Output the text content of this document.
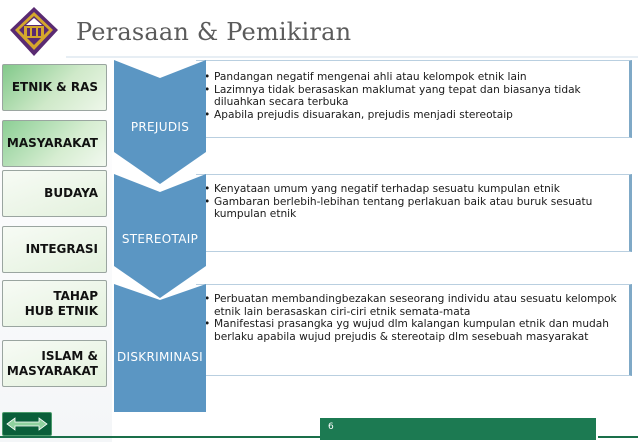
Perasaan & Pemikiran
ETNIK & RAS
MASYARAKAT
BUDAYA
INTEGRASI
TAHAP
HUB ETNIK
ISLAM &
MASYARAKAT
• Pandangan negatif mengenai ahli atau kelompok etnik lain
• Lazimnya tidak berasaskan maklumat yang tepat dan biasanya tidak diluahkan secara terbuka
• Apabila prejudis disuarakan, prejudis menjadi stereotaip
PREJUDIS
• Kenyataan umum yang negatif terhadap sesuatu kumpulan etnik
• Gambaran berlebih-lebihan tentang perlakuan baik atau buruk sesuatu kumpulan etnik
STEREOTAIP
• Perbuatan membandingbezakan seseorang individu atau sesuatu kelompok etnik lain berasaskan ciri-ciri etnik semata-mata
• Manifestasi prasangka yg wujud dlm kalangan kumpulan etnik dan mudah berlaku apabila wujud prejudis & stereotaip dlm sesebuah masyarakat
DISKRIMINASI
6
